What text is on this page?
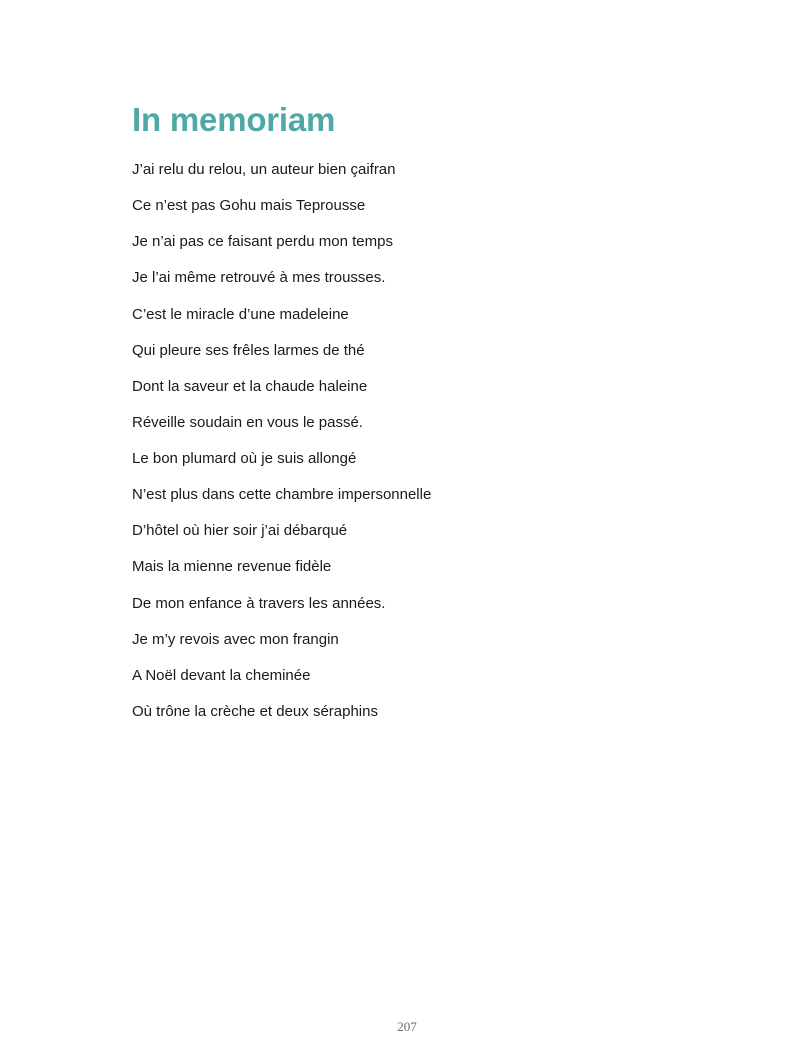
In memoriam
J’ai relu du relou, un auteur bien çaifran
Ce n’est pas Gohu mais Teprousse
Je n’ai pas ce faisant perdu mon temps
Je l’ai même retrouvé à mes trousses.
C’est le miracle d’une madeleine
Qui pleure ses frêles larmes de thé
Dont la saveur et la chaude haleine
Réveille soudain en vous le passé.
Le bon plumard où je suis allongé
N’est plus dans cette chambre impersonnelle
D’hôtel où hier soir j’ai débarqué
Mais la mienne revenue fidèle
De mon enfance à travers les années.
Je m’y revois avec mon frangin
A Noël devant la cheminée
Où trône la crèche et deux séraphins
207
